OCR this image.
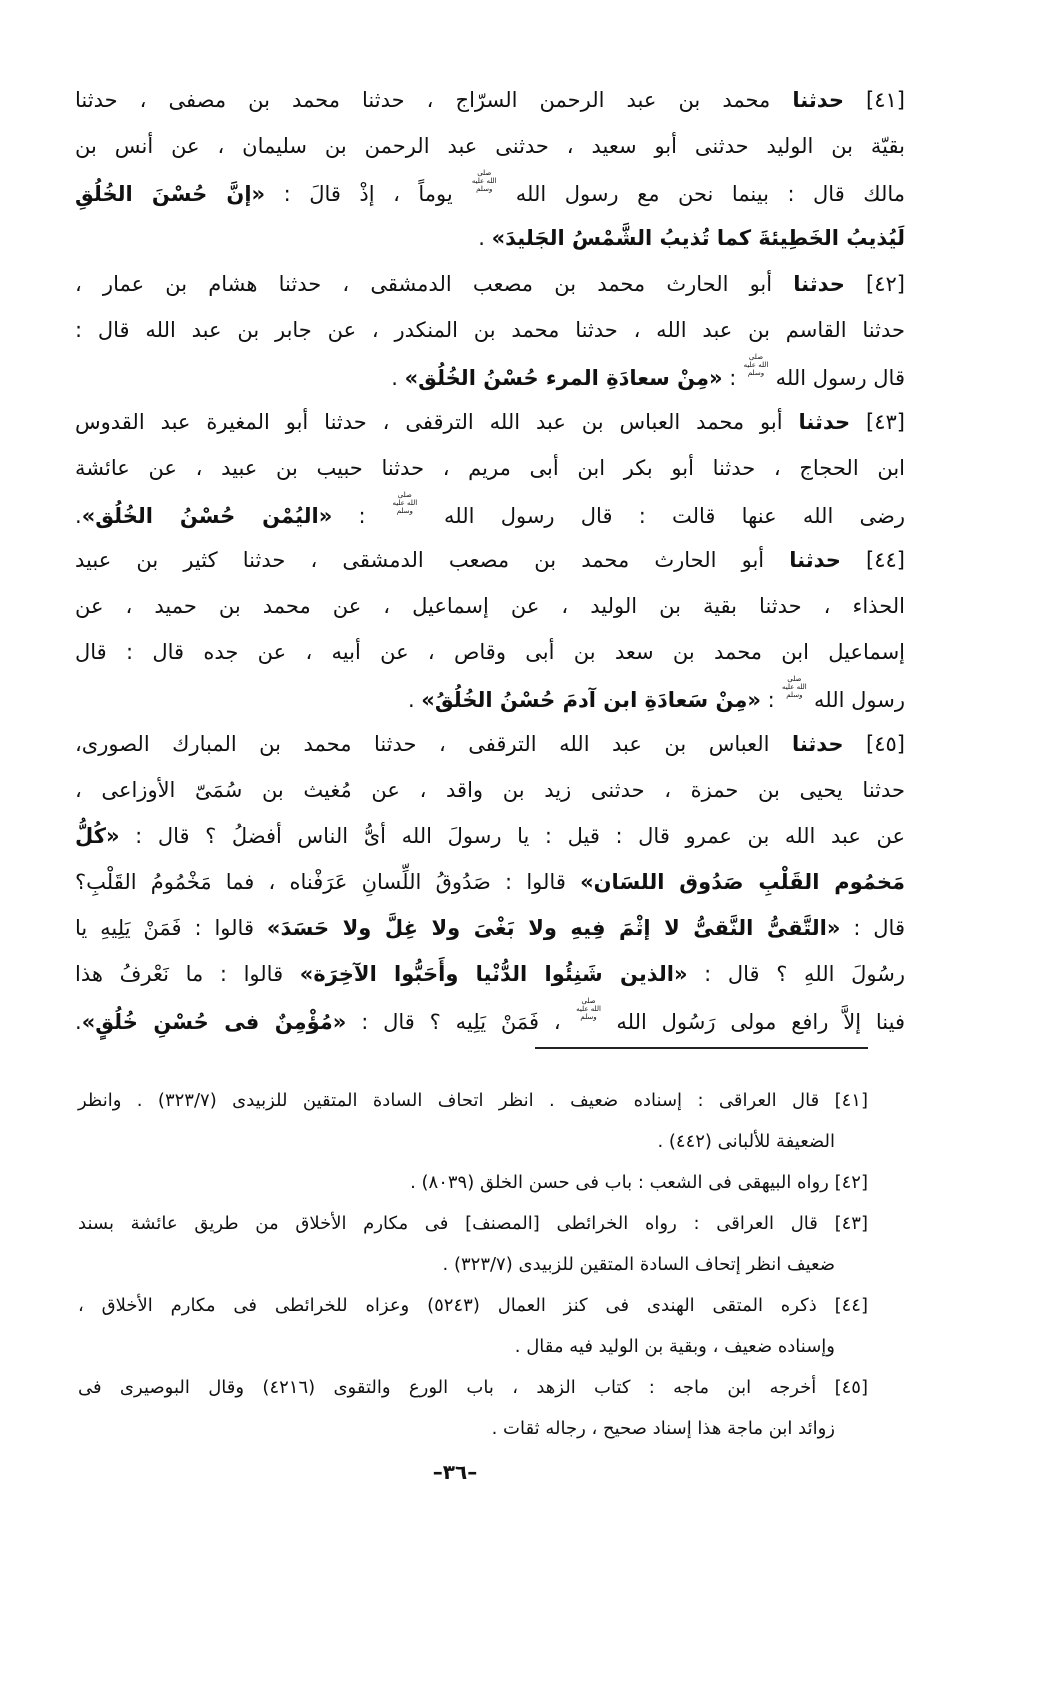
[٤١] حدثنا محمد بن عبد الرحمن السرّاج ، حدثنا محمد بن مصفى ، حدثنا
بقيّة بن الوليد حدثنى أبو سعيد ، حدثنى عبد الرحمن بن سليمان ، عن أنس بن
مالك قال : بينما نحن مع رسول الله صلى الله عليه وسلم يوماً ، إذْ قالَ : «إنَّ حُسْنَ الخُلُقِ
لَيُذيبُ الخَطِيئةَ كما تُذيبُ الشَّمْسُ الجَليدَ» .
[٤٢] حدثنا أبو الحارث محمد بن مصعب الدمشقى ، حدثنا هشام بن عمار ،
حدثنا القاسم بن عبد الله ، حدثنا محمد بن المنكدر ، عن جابر بن عبد الله قال :
قال رسول الله صلى الله عليه وسلم : «مِنْ سعادَةِ المرء حُسْنُ الخُلُق» .
[٤٣] حدثنا أبو محمد العباس بن عبد الله الترقفى ، حدثنا أبو المغيرة عبد القدوس
ابن الحجاج ، حدثنا أبو بكر ابن أبى مريم ، حدثنا حبيب بن عبيد ، عن عائشة
رضى الله عنها قالت : قال رسول الله صلى الله عليه وسلم : «اليُمْن حُسْنُ الخُلُق».
[٤٤] حدثنا أبو الحارث محمد بن مصعب الدمشقى ، حدثنا كثير بن عبيد
الحذاء ، حدثنا بقية بن الوليد ، عن إسماعيل ، عن محمد بن حميد ، عن
إسماعيل ابن محمد بن سعد بن أبى وقاص ، عن أبيه ، عن جده قال : قال
رسول الله صلى الله عليه وسلم : «مِنْ سَعادَةِ ابن آدمَ حُسْنُ الخُلُقُ» .
[٤٥] حدثنا العباس بن عبد الله الترقفى ، حدثنا محمد بن المبارك الصورى،
حدثنا يحيى بن حمزة ، حدثنى زيد بن واقد ، عن مُغيث بن سُمَىّ الأوزاعى ،
عن عبد الله بن عمرو قال : قيل : يا رسولَ الله أىُّ الناس أفضلُ ؟ قال : «كُلُّ
مَخمُوم القَلْبِ صَدُوق اللسَان» قالوا : صَدُوقُ اللِّسانِ عَرَفْناه ، فما مَخْمُومُ القَلْبِ؟
قال : «التَّقىُّ النَّقىُّ لا إثْمَ فِيهِ ولا بَغْىَ ولا غِلَّ ولا حَسَدَ» قالوا : فَمَنْ يَلِيهِ يا
رسُولَ اللهِ ؟ قال : «الذين شَنِئُوا الدُّنْيا وأَحَبُّوا الآخِرَة» قالوا : ما نَعْرفُ هذا
فينا إلاَّ رافع مولى رَسُول الله صلى الله عليه وسلم ، فَمَنْ يَلِيه ؟ قال : «مُؤْمِنٌ فى حُسْنِ خُلُقٍ».
[٤١] قال العراقى : إسناده ضعيف . انظر اتحاف السادة المتقين للزبيدى (٣٢٣/٧) . وانظر
الضعيفة للألبانى (٤٤٢) .
[٤٢] رواه البيهقى فى الشعب : باب فى حسن الخلق (٨٠٣٩) .
[٤٣] قال العراقى : رواه الخرائطى [المصنف] فى مكارم الأخلاق من طريق عائشة بسند
ضعيف انظر إتحاف السادة المتقين للزبيدى (٣٢٣/٧) .
[٤٤] ذكره المتقى الهندى فى كنز العمال (٥٢٤٣) وعزاه للخرائطى فى مكارم الأخلاق ،
وإسناده ضعيف ، وبقية بن الوليد فيه مقال .
[٤٥] أخرجه ابن ماجه : كتاب الزهد ، باب الورع والتقوى (٤٢١٦) وقال البوصيرى فى
زوائد ابن ماجة هذا إسناد صحيح ، رجاله ثقات .
–٣٦–
